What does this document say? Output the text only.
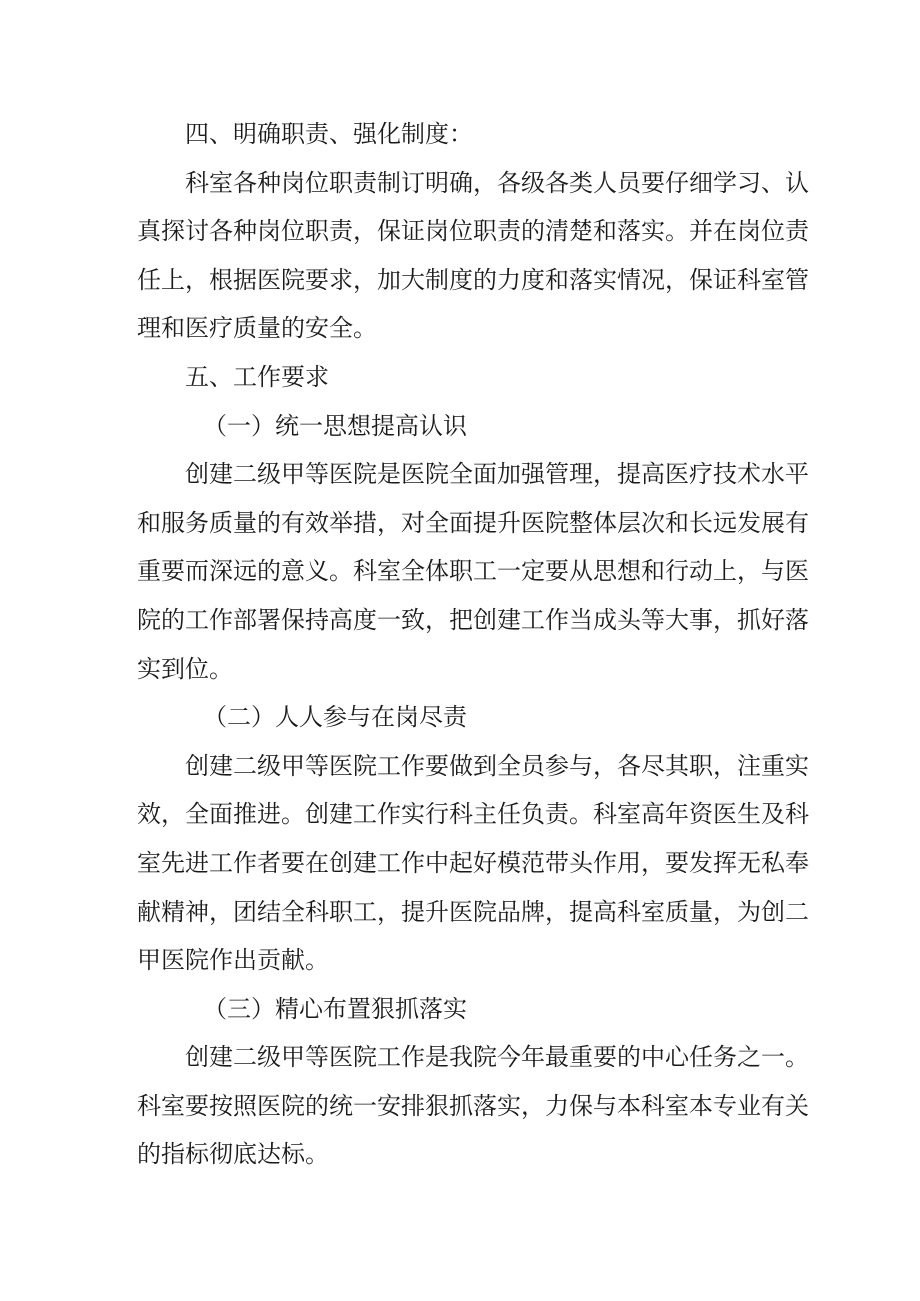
四、明确职责、强化制度：

科 室 各 种 岗 位 职 责 制 订 明 确 ， 各 级 各 类 人 员 要 仔 细 学 习 、 认

真 探 讨 各 种 岗 位 职 责 ， 保 证 岗 位 职 责 的 清 楚 和 落 实 。 并 在 岗 位 责

任 上 ， 根 据 医 院 要 求 ， 加 大 制 度 的 力 度 和 落 实 情 况 ， 保 证 科 室 管

理和医疗质量的安全。

五、工作要求

（一）统一思想提高认识

创 建 二 级 甲 等 医 院 是 医 院 全 面 加 强 管 理 ， 提 高 医 疗 技 术 水 平

和 服 务 质 量 的 有 效 举 措 ， 对 全 面 提 升 医 院 整 体 层 次 和 长 远 发 展 有

重 要 而 深 远 的 意 义 。 科 室 全 体 职 工 一 定 要 从 思 想 和 行 动 上 ， 与 医

院 的 工 作 部 署 保 持 高 度 一 致 ， 把 创 建 工 作 当 成 头 等 大 事 ， 抓 好 落

实到位。

（二）人人参与在岗尽责

创 建 二 级 甲 等 医 院 工 作 要 做 到 全 员 参 与 ， 各 尽 其 职 ， 注 重 实

效 ， 全 面 推 进 。 创 建 工 作 实 行 科 主 任 负 责 。 科 室 高 年 资 医 生 及 科

室 先 进 工 作 者 要 在 创 建 工 作 中 起 好 模 范 带 头 作 用 ， 要 发 挥 无 私 奉

献 精 神 ， 团 结 全 科 职 工 ， 提 升 医 院 品 牌 ， 提 高 科 室 质 量 ， 为 创 二

甲医院作出贡献。

（三）精心布置狠抓落实

创 建 二 级 甲 等 医 院 工 作 是 我 院 今 年 最 重 要 的 中 心 任 务 之 一 。

科 室 要 按 照 医 院 的 统 一 安 排 狠 抓 落 实 ， 力 保 与 本 科 室 本 专 业 有 关

的指标彻底达标。
